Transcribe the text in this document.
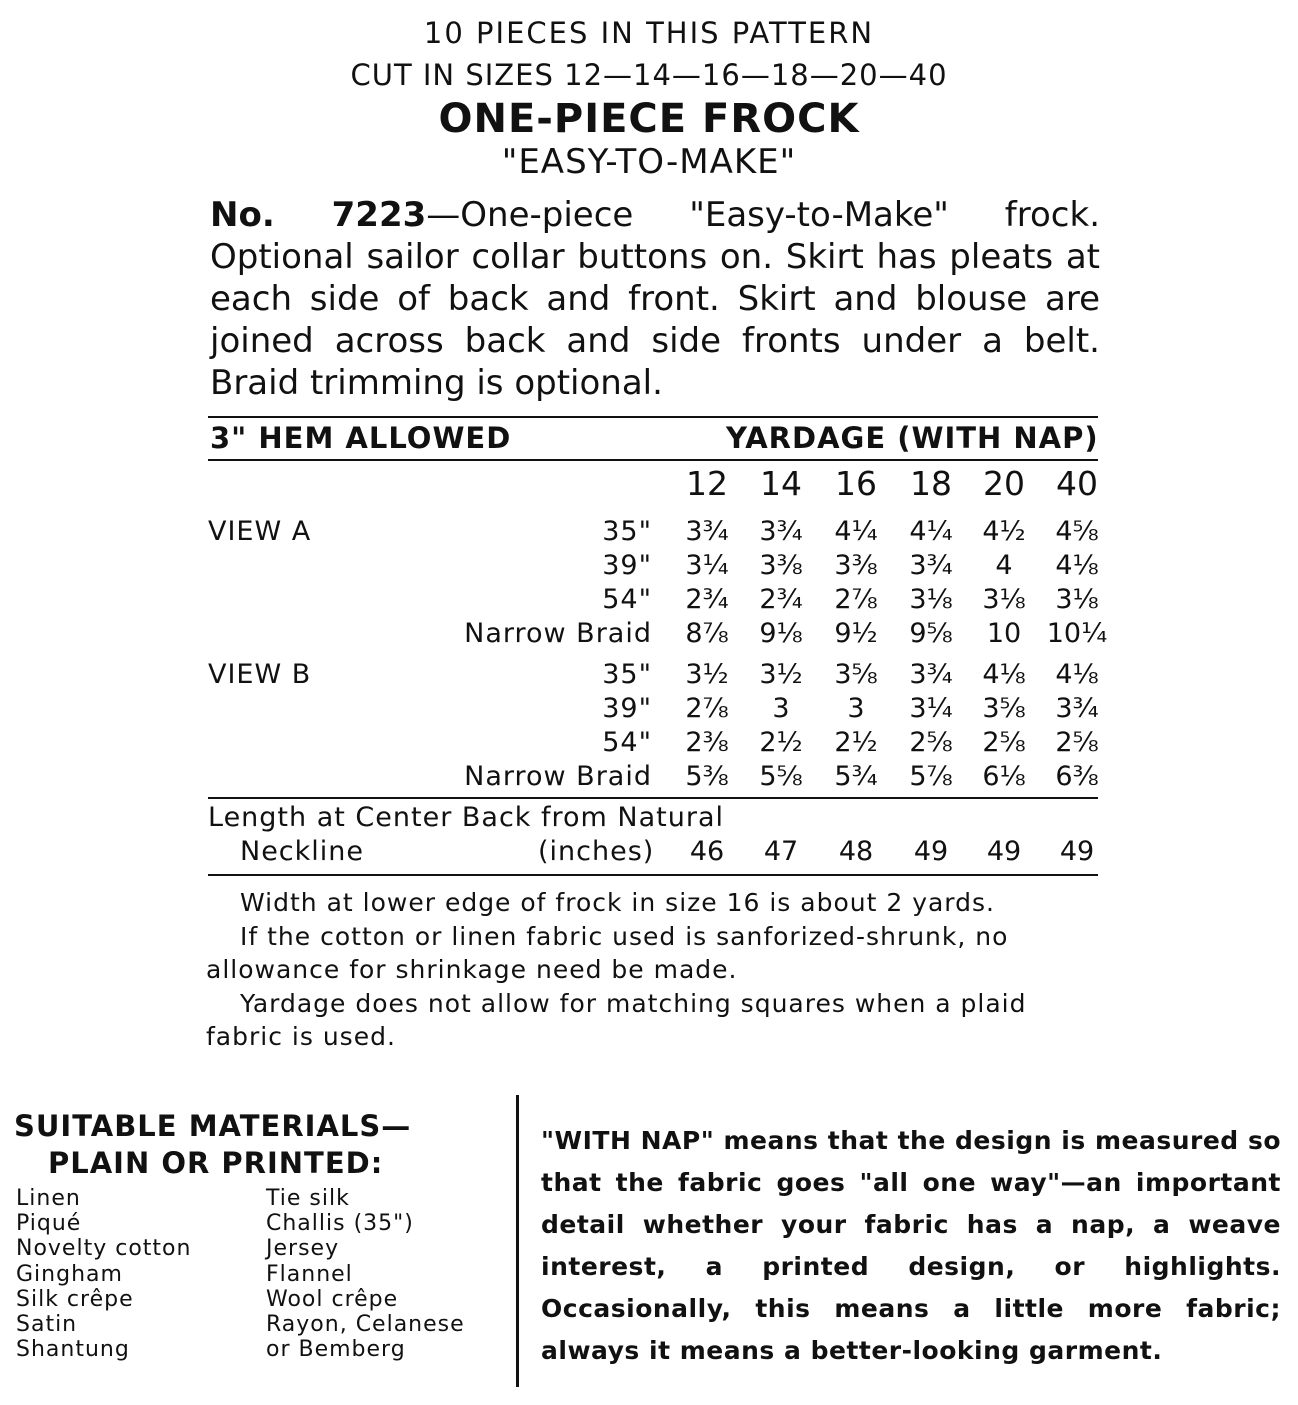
10 PIECES IN THIS PATTERN
CUT IN SIZES 12—14—16—18—20—40
ONE-PIECE FROCK
"EASY-TO-MAKE"
No. 7223—One-piece "Easy-to-Make" frock. Optional sailor collar buttons on. Skirt has pleats at each side of back and front. Skirt and blouse are joined across back and side fronts under a belt. Braid trimming is optional.
3" HEM ALLOWED	YARDAGE (WITH NAP)
12 14	16	18 20 40
VIEW A	35"	3¾	3¾	4¼	4¼	4½	4⅝
39"	3¼	3⅜	3⅜	3¾	4	4⅛
54"	2¾	2¾	2⅞	3⅛	3⅛	3⅛
Narrow Braid	8⅞	9⅛	9½	9⅝	10 10¼
VIEW B	35"	3½	3½	3⅝	3¾	4⅛	4⅛
39"	2⅞	3	3	3¼	3⅝	3¾
54"	2⅜	2½	2½	2⅝	2⅝	2⅝
Narrow Braid	5⅜	5⅝	5¾	5⅞	6⅛	6⅜
Length at Center Back from Natural
Neckline	(inches)	46	47	48	49	49	49
Width at lower edge of frock in size 16 is about 2 yards.
If the cotton or linen fabric used is sanforized-shrunk, no
allowance for shrinkage need be made.
Yardage does not allow for matching squares when a plaid
fabric is used.
SUITABLE MATERIALS—
PLAIN OR PRINTED:
Linen
Piqué
Novelty cotton
Gingham
Silk crêpe
Satin
Shantung
Tie silk
Challis (35")
Jersey
Flannel
Wool crêpe
Rayon, Celanese
or Bemberg
"WITH NAP" means that the design is measured so that the fabric goes "all one way"—an important detail whether your fabric has a nap, a weave interest, a printed design, or highlights. Occasionally, this means a little more fabric; always it means a better-looking garment.
